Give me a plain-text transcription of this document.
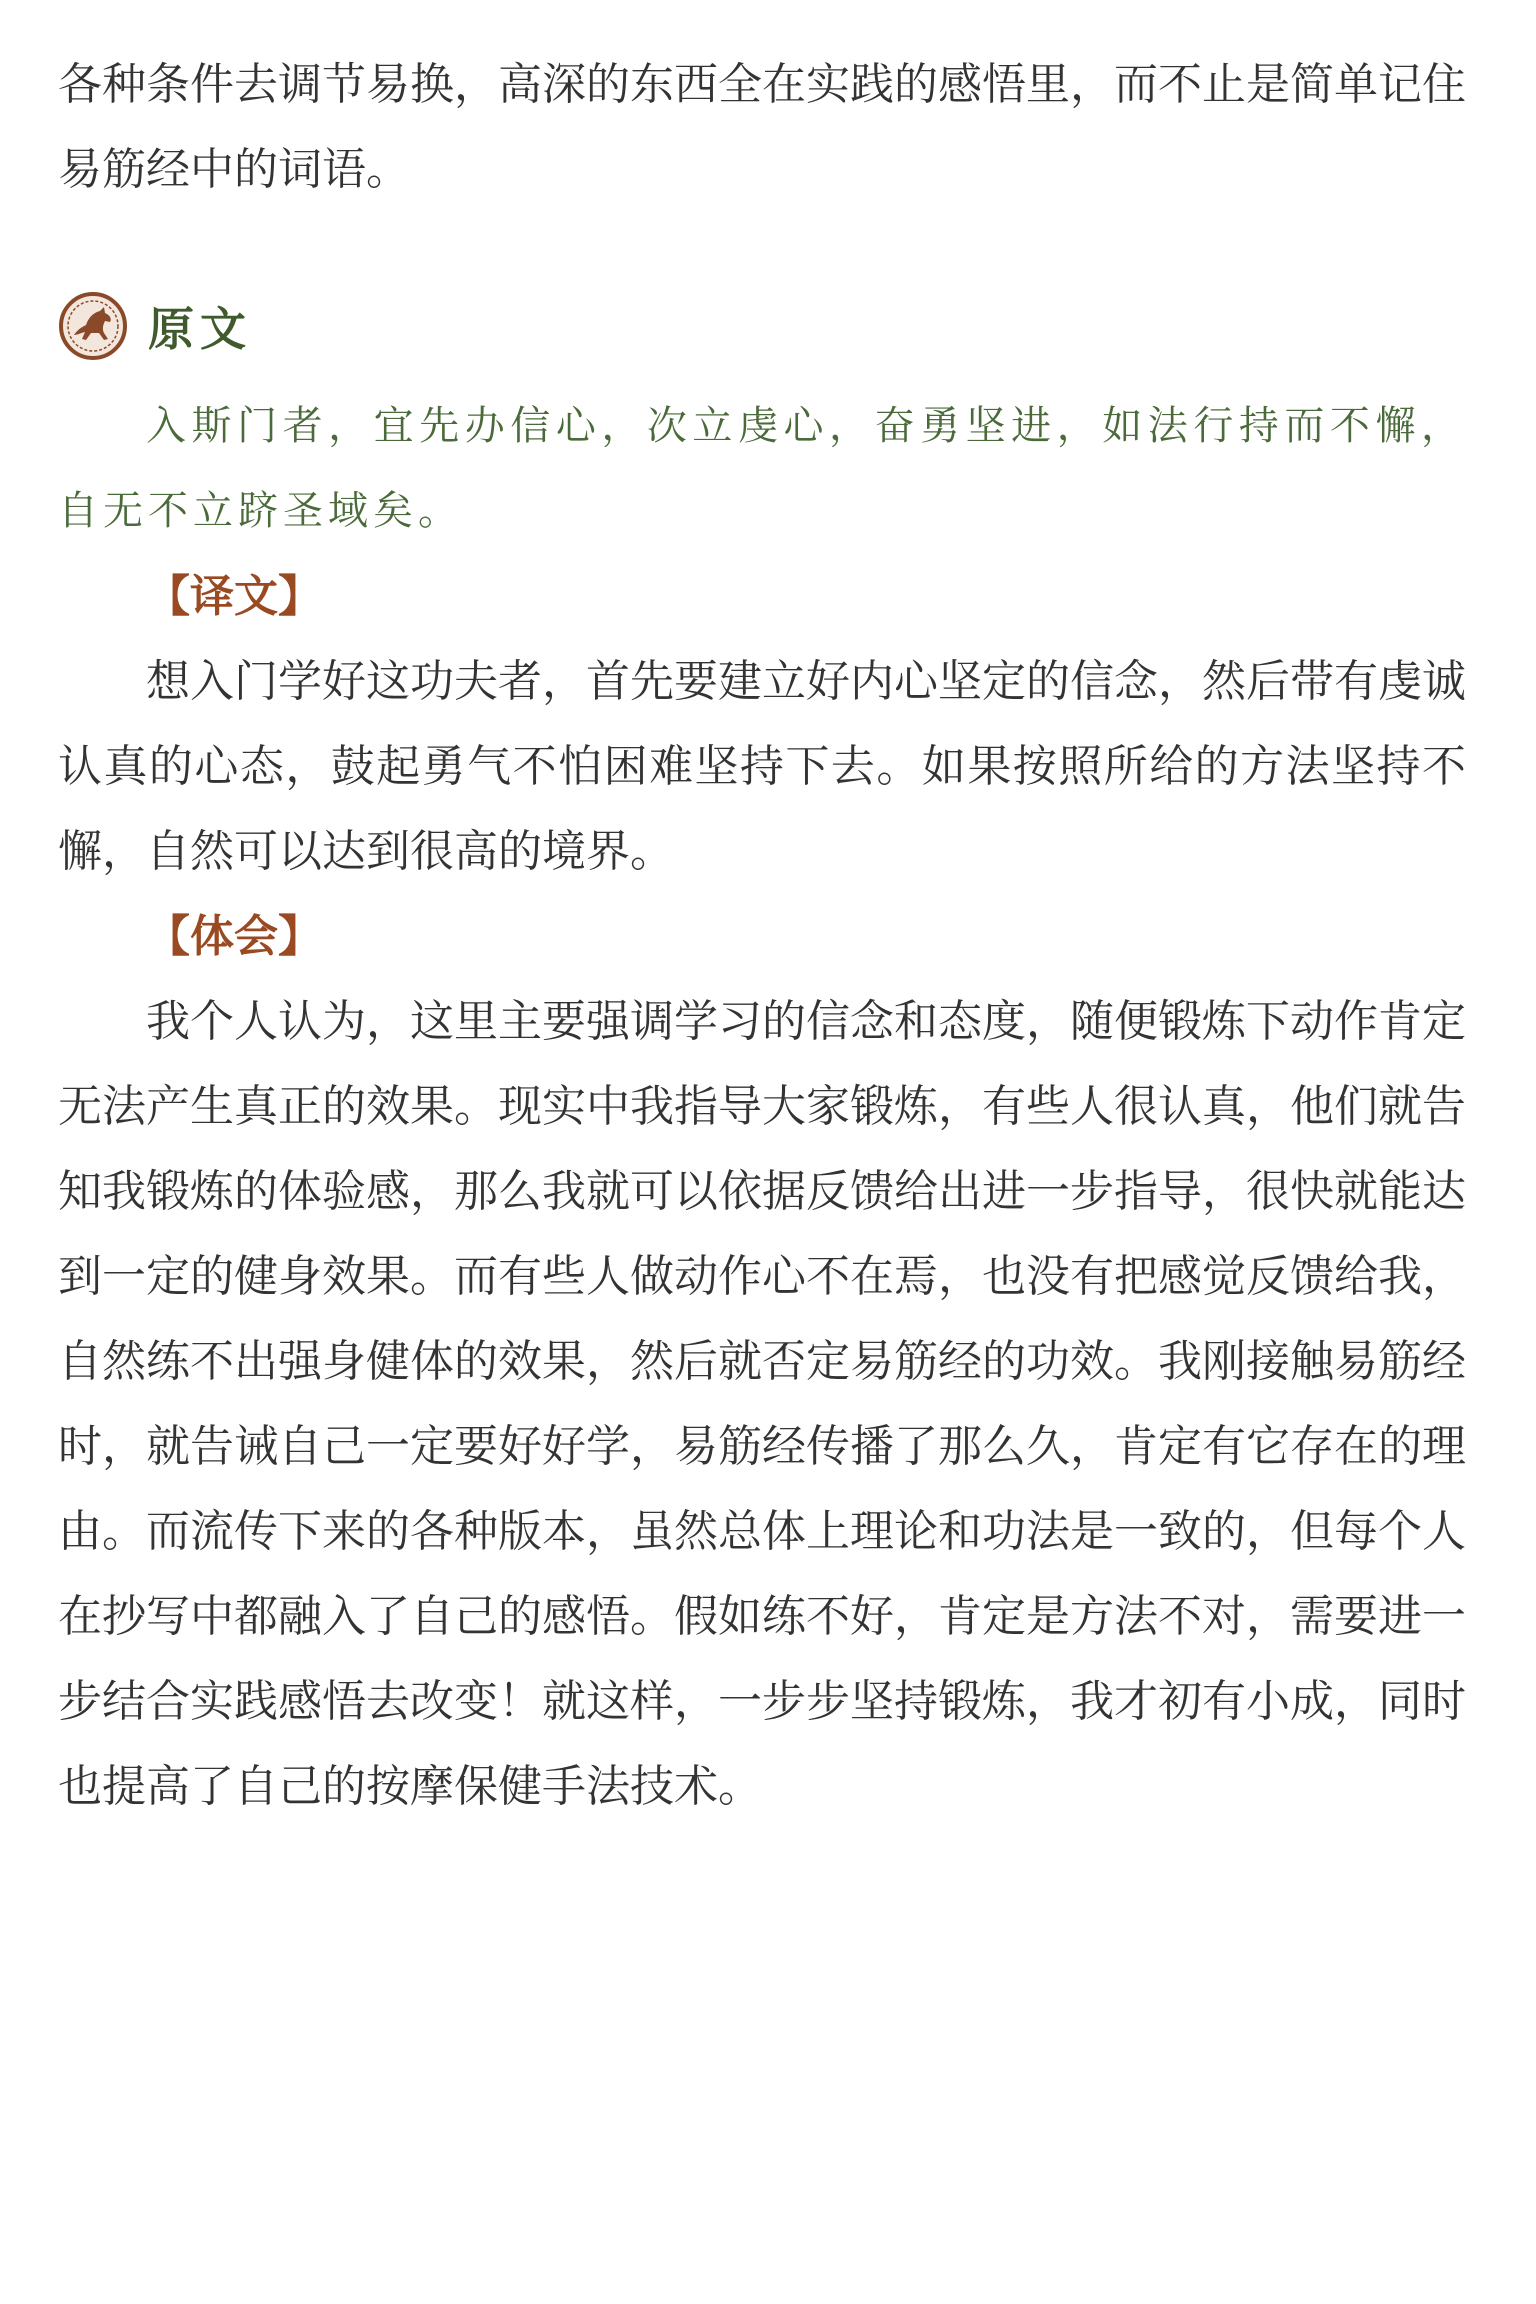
各种条件去调节易换，高深的东西全在实践的感悟里，而不止是简单记住易筋经中的词语。

原文

入斯门者，宜先办信心，次立虔心，奋勇坚进，如法行持而不懈，自无不立跻圣域矣。

【译文】

想入门学好这功夫者，首先要建立好内心坚定的信念，然后带有虔诚认真的心态，鼓起勇气不怕困难坚持下去。如果按照所给的方法坚持不懈，自然可以达到很高的境界。

【体会】

我个人认为，这里主要强调学习的信念和态度，随便锻炼下动作肯定无法产生真正的效果。现实中我指导大家锻炼，有些人很认真，他们就告知我锻炼的体验感，那么我就可以依据反馈给出进一步指导，很快就能达到一定的健身效果。而有些人做动作心不在焉，也没有把感觉反馈给我，自然练不出强身健体的效果，然后就否定易筋经的功效。我刚接触易筋经时，就告诫自己一定要好好学，易筋经传播了那么久，肯定有它存在的理由。而流传下来的各种版本，虽然总体上理论和功法是一致的，但每个人在抄写中都融入了自己的感悟。假如练不好，肯定是方法不对，需要进一步结合实践感悟去改变！就这样，一步步坚持锻炼，我才初有小成，同时也提高了自己的按摩保健手法技术。
